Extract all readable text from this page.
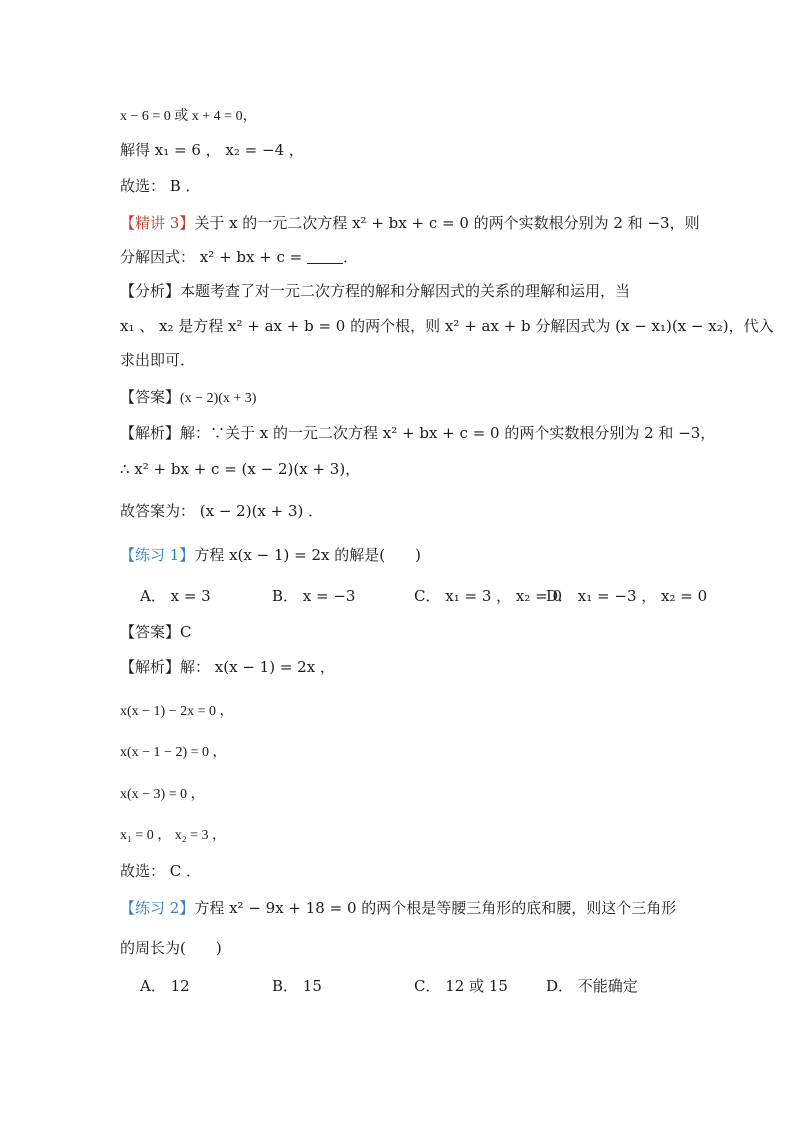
x − 6 = 0 或 x + 4 = 0，
解得 x₁ = 6 ， x₂ = −4 ，
故选： B ．
【精讲 3】关于 x 的一元二次方程 x² + bx + c = 0 的两个实数根分别为 2 和 −3，则
分解因式： x² + bx + c =	．
【分析】本题考查了对一元二次方程的解和分解因式的关系的理解和运用，当
x₁ 、 x₂ 是方程 x² + ax + b = 0 的两个根，则 x² + ax + b 分解因式为 (x − x₁)(x − x₂)，代入
求出即可．
【答案】(x − 2)(x + 3)
【解析】解：∵关于 x 的一元二次方程 x² + bx + c = 0 的两个实数根分别为 2 和 −3，
∴ x² + bx + c = (x − 2)(x + 3)，
故答案为： (x − 2)(x + 3) ．
【练习 1】方程 x(x − 1) = 2x 的解是(　　)
A． x = 3	B． x = −3	C． x₁ = 3 ， x₂ = 0
D． x₁ = −3 ， x₂ = 0
【答案】C
【解析】解： x(x − 1) = 2x ，
x(x − 1) − 2x = 0 ，
x(x − 1 − 2) = 0 ，
x(x − 3) = 0 ，
x₁ = 0 ， x₂ = 3 ，
故选： C ．
【练习 2】方程 x² − 9x + 18 = 0 的两个根是等腰三角形的底和腰，则这个三角形
的周长为(　　)
A． 12	B． 15	C． 12 或 15	D． 不能确定
